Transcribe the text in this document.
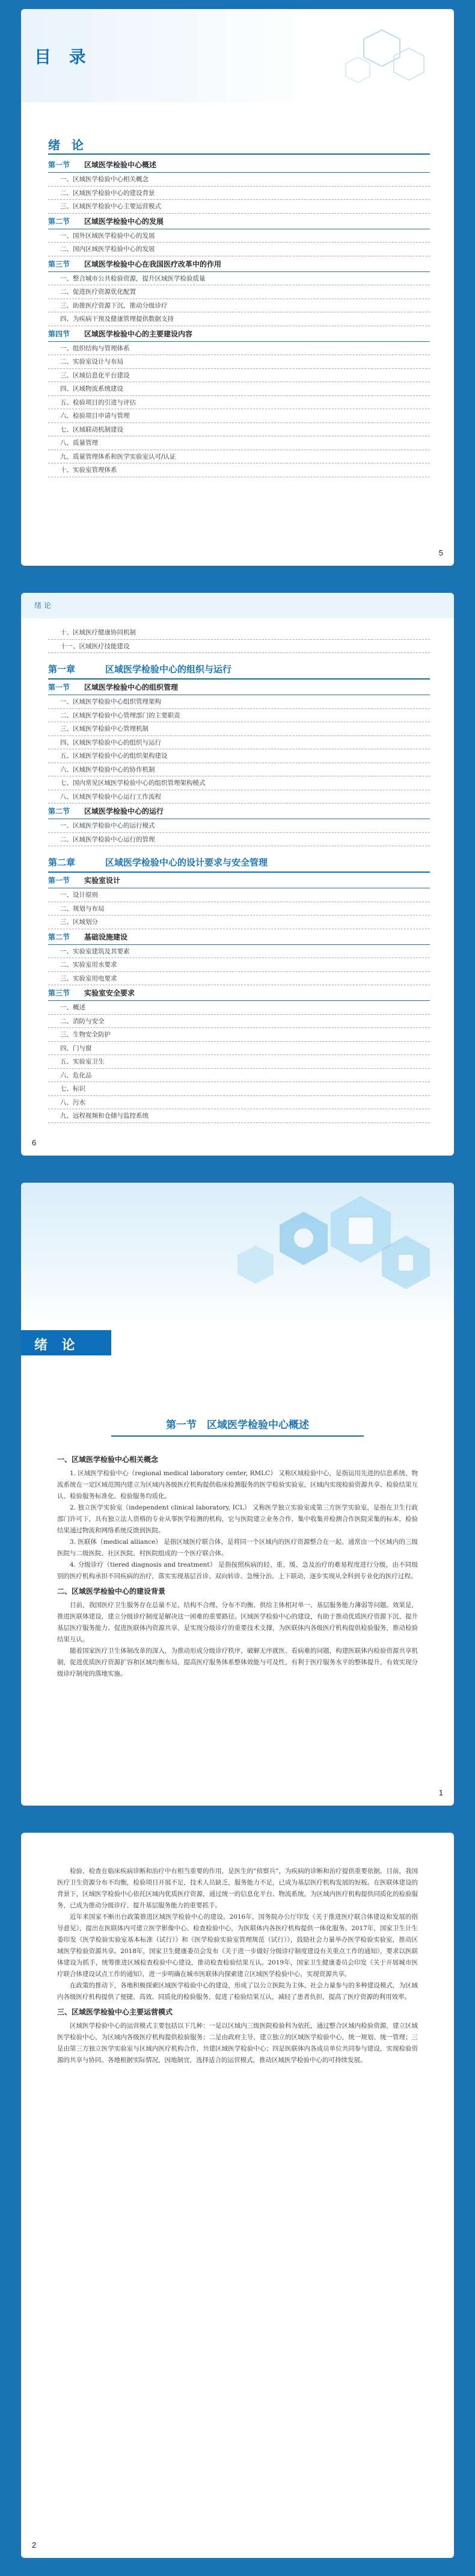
目 录
绪 论
第一节	区域医学检验中心概述
一、区域医学检验中心相关概念
二、区域医学检验中心的建设背景
三、区域医学检验中心主要运营模式
第二节	区域医学检验中心的发展
一、国外区域医学检验中心的发展
二、国内区域医学检验中心的发展
第三节	区域医学检验中心在我国医疗改革中的作用
一、整合城市公共检验资源，提升区域医学检验质量
二、促进医疗资源优化配置
三、助推医疗资源下沉，推动分级诊疗
四、为疾病干预及健康管理提供数据支持
第四节	区域医学检验中心的主要建设内容
一、组织结构与管理体系
二、实验室设计与布局
三、区域信息化平台建设
四、区域物流系统建设
五、检验项目的引进与评估
六、检验项目申请与管理
七、区域联动机制建设
八、质量管理
九、质量管理体系和医学实验室认可/认证
十、实验室管理体系
5
绪 论
十、区域医疗健康协同机制
十一、区域医疗技能建设
第一章	区域医学检验中心的组织与运行
第一节	区域医学检验中心的组织管理
一、区域医学检验中心组织管理架构
二、区域医学检验中心管理部门的主要职责
三、区域医学检验中心管理机制
四、区域医学检验中心的组织与运行
五、区域医学检验中心的组织架构建设
六、区域医学检验中心的协作机制
七、国内常见区域医学检验中心的组织管理架构模式
八、区域医学检验中心运行工作流程
第二节	区域医学检验中心的运行
一、区域医学检验中心的运行模式
二、区域医学检验中心运行的管理
第二章	区域医学检验中心的设计要求与安全管理
第一节	实验室设计
一、设计原则
二、规划与布局
三、区域划分
第二节	基础设施建设
一、实验室建筑及其要素
二、实验室用水要求
三、实验室用电要求
第三节	实验室安全要求
一、概述
二、消防与安全
三、生物安全防护
四、门与窗
五、实验室卫生
六、危化品
七、标识
八、污水
九、远程视频和仓储与监控系统
6
绪 论
第一节　区域医学检验中心概述

一、区域医学检验中心相关概念

1. 区域医学检验中心（regional medical laboratory center, RMLC） 又称区域检验中心，是指运用先进的信息系统、物流系统在一定区域范围内建立为区域内各级医疗机构提供临床检测服务的医学检验实验室，区域内实现检验资源共享、检验结果互认、检验服务标准化、检验服务均质化。

2. 独立医学实验室（independent clinical laboratory, ICL） 又称医学独立实验室或第三方医学实验室，是指在卫生行政部门许可下，具有独立法人资格的专业从事医学检测的机构，它与医院建立业务合作，集中收集并检测合作医院采集的标本，检验结果通过物流和网络系统反馈到医院。

3. 医联体（medical alliance） 是指区域医疗联合体，是将同一个区域内的医疗资源整合在一起，通常由一个区域内的三级医院与二级医院、社区医院、村医院组成的一个医疗联合体。

4. 分级诊疗（tiered diagnosis and treatment） 是指按照疾病的轻、重、缓、急及治疗的难易程度进行分级，由不同级别的医疗机构承担不同疾病的治疗，落实实现基层首诊、双向转诊、急慢分治、上下联动，逐步实现从全科到专业化的医疗过程。

二、区域医学检验中心的建设背景

目前，我国医疗卫生服务存在总量不足、结构不合理、分布不均衡、供给主体相对单一、基层服务能力薄弱等问题。效果是，推进医联体建设，建立分级诊疗制度是解决这一困难的重要路径。区域医学检验中心的建设，有助于推动优质医疗资源下沉、提升基层医疗服务能力、促进医联体内资源共享，是实现分级诊疗的重要技术支撑，为医联体内各级医疗机构提供检验服务，推动检验结果互认。

随着国家医疗卫生体制改革的深入，为推动形成分级诊疗秩序，破解无序就医、看病难的问题，构建医联体内检验资源共享机制，促进优质医疗资源扩容和区域均衡布局，提高医疗服务体系整体效能与可及性，有利于医疗服务水平的整体提升，有效实现分级诊疗制度的落地实施。

1

检验、检查在临床疾病诊断和治疗中有相当重要的作用，是医生的“侦察兵”，为疾病的诊断和治疗提供重要依据。目前，我国医疗卫生资源分布不均衡，检验项目开展不足，技术人员缺乏，服务能力不足，已成为基层医疗机构发展的短板。在医联体建设的背景下，区域医学检验中心依托区域内优质医疗资源，通过统一的信息化平台、物流系统，为区域内医疗机构提供同质化的检验服务，已成为推动分级诊疗、提升基层服务能力的重要抓手。

近年来国家不断出台政策推进区域医学检验中心的建设。2016年，国务院办公厅印发《关于推进医疗联合体建设和发展的指导意见》，提出在医联体内可建立医学影像中心、检查检验中心，为医联体内各医疗机构提供一体化服务。2017年，国家卫生计生委印发《医学检验实验室基本标准（试行）》和《医学检验实验室管理规范（试行）》，鼓励社会力量举办医学检验实验室，推动区域医学检验资源共享。2018年，国家卫生健康委员会发布《关于进一步做好分级诊疗制度建设有关重点工作的通知》，要求以医联体建设为抓手，统筹推进区域检查检验中心建设，推动检查检验结果互认。2019年，国家卫生健康委员会印发《关于开展城市医疗联合体建设试点工作的通知》，进一步明确在城市医联体内探索建立区域医学检验中心，实现资源共享。

在政策的推动下，各地积极探索区域医学检验中心的建设，形成了以公立医院为主体、社会力量参与的多种建设模式，为区域内各级医疗机构提供了便捷、高效、同质化的检验服务，促进了检验结果互认，减轻了患者负担，提高了医疗资源的利用效率。

三、区域医学检验中心主要运营模式

区域医学检验中心的运营模式主要包括以下几种：一是以区域内三级医院检验科为依托，通过整合区域内检验资源，建立区域医学检验中心，为区域内各级医疗机构提供检验服务；二是由政府主导，建立独立的区域医学检验中心，统一规划、统一管理；三是由第三方独立医学实验室与区域内医疗机构合作，共建区域医学检验中心；四是医联体内各成员单位共同参与建设，实现检验资源的共享与协同。各地根据实际情况，因地制宜，选择适合的运营模式，推动区域医学检验中心的可持续发展。

2
